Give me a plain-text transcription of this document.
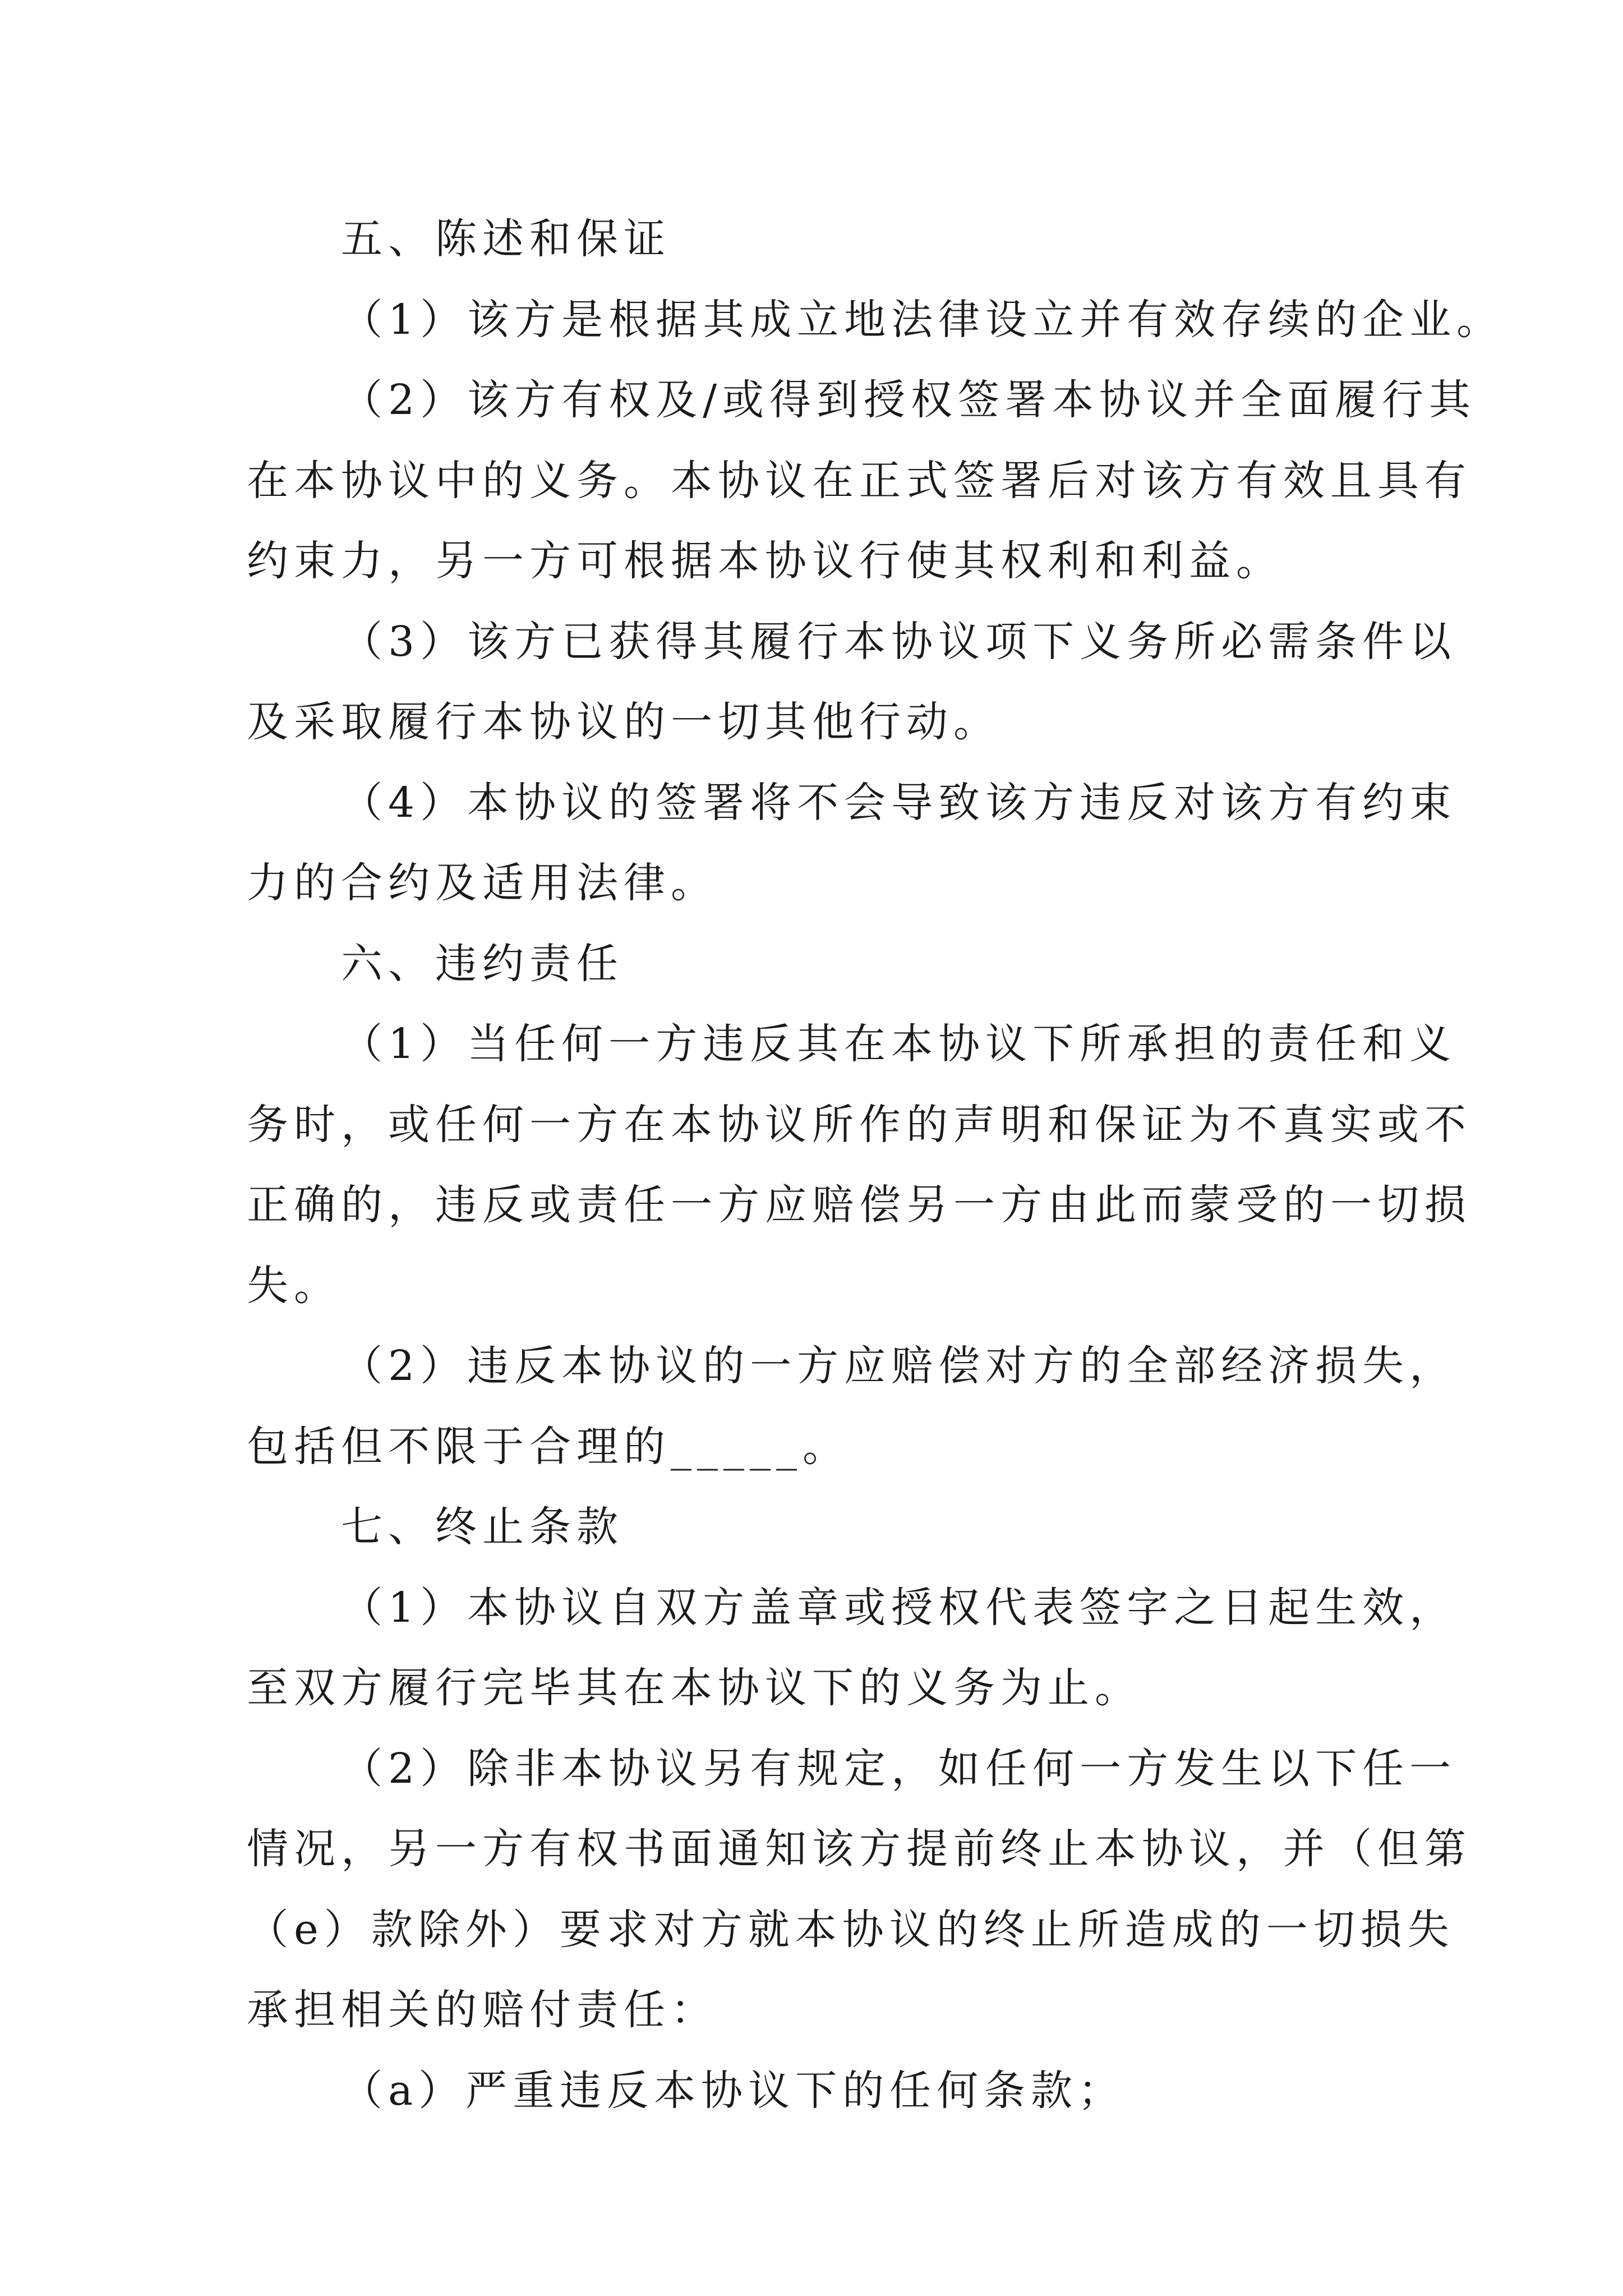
五、陈述和保证

（1）该方是根据其成立地法律设立并有效存续的企业。

（2）该方有权及/或得到授权签署本协议并全面履行其

在本协议中的义务。本协议在正式签署后对该方有效且具有

约束力，另一方可根据本协议行使其权利和利益。

（3）该方已获得其履行本协议项下义务所必需条件以

及采取履行本协议的一切其他行动。

（4）本协议的签署将不会导致该方违反对该方有约束

力的合约及适用法律。

六、违约责任

（1）当任何一方违反其在本协议下所承担的责任和义

务时，或任何一方在本协议所作的声明和保证为不真实或不

正确的，违反或责任一方应赔偿另一方由此而蒙受的一切损

失。

（2）违反本协议的一方应赔偿对方的全部经济损失，

包括但不限于合理的_____。

七、终止条款

（1）本协议自双方盖章或授权代表签字之日起生效，

至双方履行完毕其在本协议下的义务为止。

（2）除非本协议另有规定，如任何一方发生以下任一

情况，另一方有权书面通知该方提前终止本协议，并（但第

（e）款除外）要求对方就本协议的终止所造成的一切损失

承担相关的赔付责任：

（a）严重违反本协议下的任何条款；
